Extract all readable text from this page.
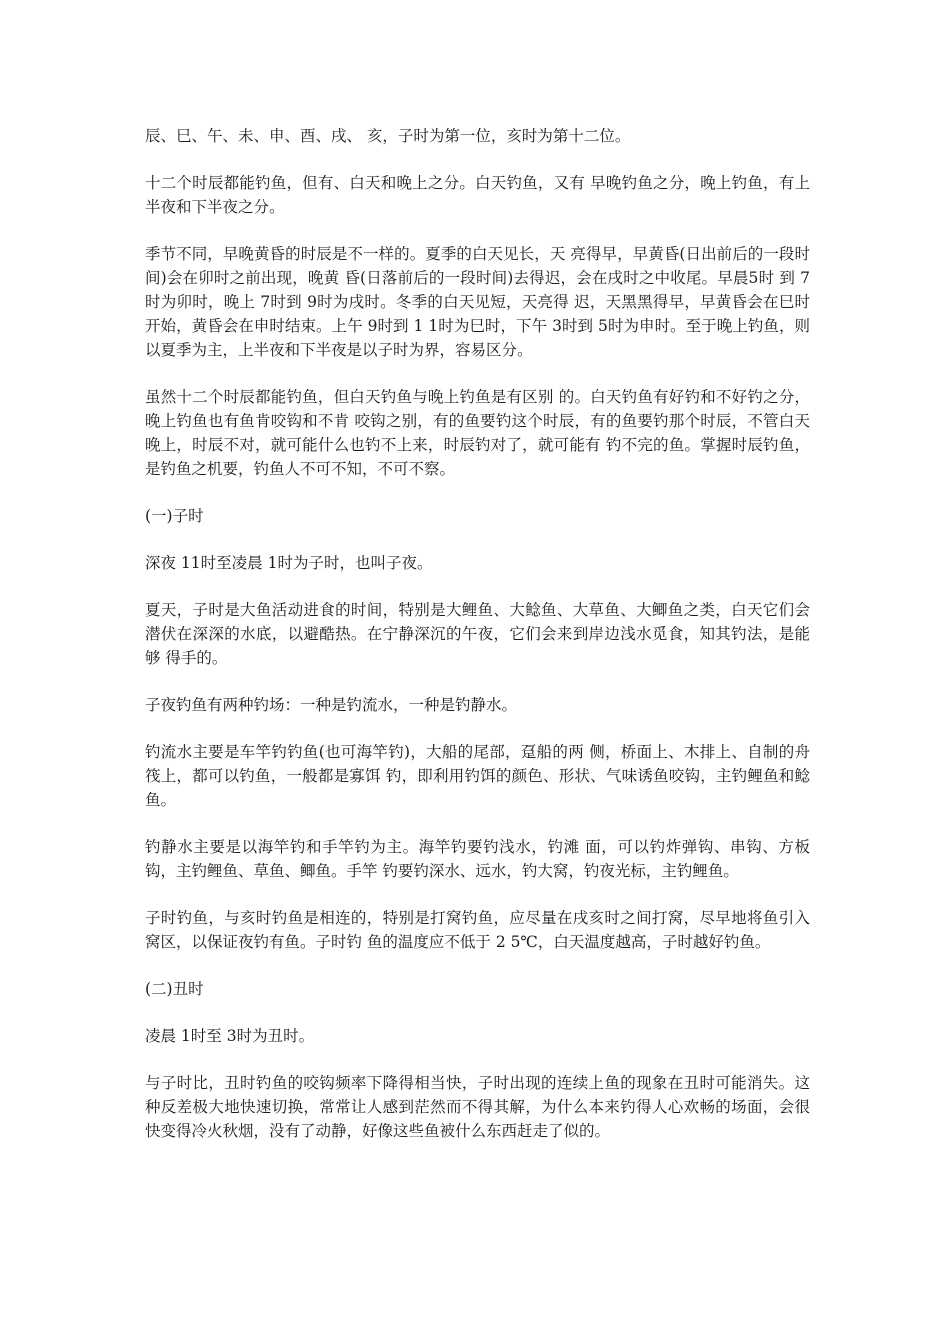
辰、巳、午、未、申、酉、戌、 亥，子时为第一位，亥时为第十二位。

十二个时辰都能钓鱼，但有、白天和晚上之分。白天钓鱼，又有 早晚钓鱼之分，晚上钓鱼，有上半夜和下半夜之分。

季节不同，早晚黄昏的时辰是不一样的。夏季的白天见长，天 亮得早，早黄昏(日出前后的一段时间)会在卯时之前出现，晚黄 昏(日落前后的一段时间)去得迟，会在戌时之中收尾。早晨5时 到 7时为卯时，晚上 7时到 9时为戌时。冬季的白天见短，天亮得 迟，天黑黑得早，早黄昏会在巳时开始，黄昏会在申时结束。上午 9时到 1 1时为巳时，下午 3时到 5时为申时。至于晚上钓鱼，则 以夏季为主，上半夜和下半夜是以子时为界，容易区分。

虽然十二个时辰都能钓鱼，但白天钓鱼与晚上钓鱼是有区别 的。白天钓鱼有好钓和不好钓之分，晚上钓鱼也有鱼肯咬钩和不肯 咬钩之别，有的鱼要钓这个时辰，有的鱼要钓那个时辰，不管白天 晚上，时辰不对，就可能什么也钓不上来，时辰钓对了，就可能有 钓不完的鱼。掌握时辰钓鱼，是钓鱼之机要，钓鱼人不可不知，不可不察。

(一)子时

深夜 11时至凌晨 1时为子时，也叫子夜。

夏天，子时是大鱼活动进食的时间，特别是大鲤鱼、大鲶鱼、大草鱼、大鲫鱼之类，白天它们会潜伏在深深的水底，以避酷热。在宁静深沉的午夜，它们会来到岸边浅水觅食，知其钓法，是能够 得手的。

子夜钓鱼有两种钓场：一种是钓流水，一种是钓静水。

钓流水主要是车竿钓钓鱼(也可海竿钓)，大船的尾部，趸船的两 侧，桥面上、木排上、自制的舟筏上，都可以钓鱼，一般都是寡饵 钓，即利用钓饵的颜色、形状、气味诱鱼咬钩，主钓鲤鱼和鲶鱼。

钓静水主要是以海竿钓和手竿钓为主。海竿钓要钓浅水，钓滩 面，可以钓炸弹钩、串钩、方板钩，主钓鲤鱼、草鱼、鲫鱼。手竿 钓要钓深水、远水，钓大窝，钓夜光标，主钓鲤鱼。

子时钓鱼，与亥时钓鱼是相连的，特别是打窝钓鱼，应尽量在戌亥时之间打窝，尽早地将鱼引入窝区，以保证夜钓有鱼。子时钓 鱼的温度应不低于 2 5℃，白天温度越高，子时越好钓鱼。

(二)丑时

凌晨 1时至 3时为丑时。

与子时比，丑时钓鱼的咬钩频率下降得相当快，子时出现的连续上鱼的现象在丑时可能消失。这种反差极大地快速切换，常常让人感到茫然而不得其解，为什么本来钓得人心欢畅的场面，会很快变得冷火秋烟，没有了动静，好像这些鱼被什么东西赶走了似的。
